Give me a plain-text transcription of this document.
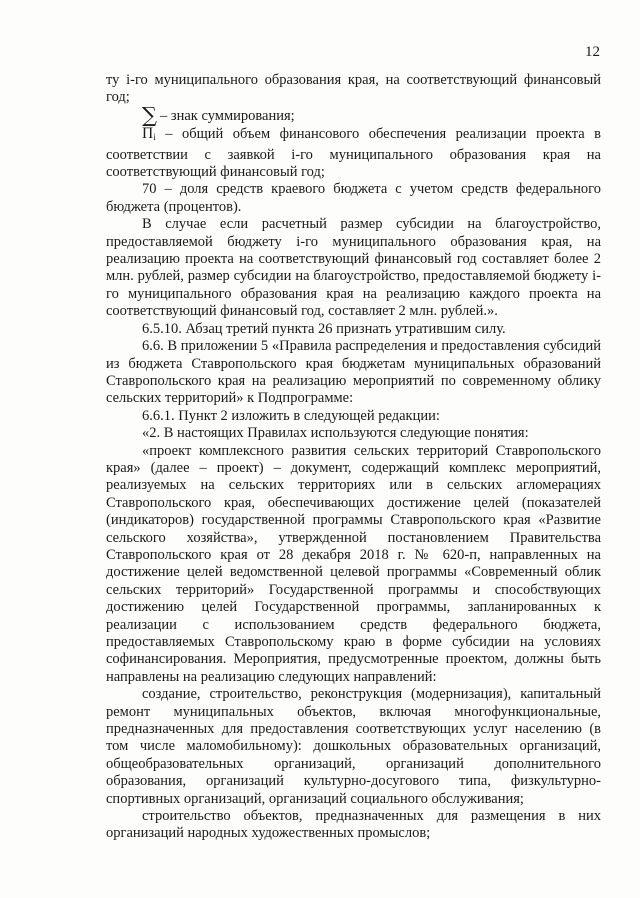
12

ту i-го муниципального образования края, на соответствующий финансовый год;

∑ – знак суммирования;

$П_i$ – общий объем финансового обеспечения реализации проекта в соответствии с заявкой i-го муниципального образования края на соответствующий финансовый год;

70 – доля средств краевого бюджета с учетом средств федерального бюджета (процентов).

В случае если расчетный размер субсидии на благоустройство, предоставляемой бюджету i-го муниципального образования края, на реализацию проекта на соответствующий финансовый год составляет более 2 млн. рублей, размер субсидии на благоустройство, предоставляемой бюджету i-го муниципального образования края на реализацию каждого проекта на соответствующий финансовый год, составляет 2 млн. рублей.».

6.5.10. Абзац третий пункта 26 признать утратившим силу.

6.6. В приложении 5 «Правила распределения и предоставления субсидий из бюджета Ставропольского края бюджетам муниципальных образований Ставропольского края на реализацию мероприятий по современному облику сельских территорий» к Подпрограмме:

6.6.1. Пункт 2 изложить в следующей редакции:

«2. В настоящих Правилах используются следующие понятия:

«проект комплексного развития сельских территорий Ставропольского края» (далее – проект) – документ, содержащий комплекс мероприятий, реализуемых на сельских территориях или в сельских агломерациях Ставропольского края, обеспечивающих достижение целей (показателей (индикаторов) государственной программы Ставропольского края «Развитие сельского хозяйства», утвержденной постановлением Правительства Ставропольского края от 28 декабря 2018 г. № 620-п, направленных на достижение целей ведомственной целевой программы «Современный облик сельских территорий» Государственной программы и способствующих достижению целей Государственной программы, запланированных к реализации с использованием средств федерального бюджета, предоставляемых Ставропольскому краю в форме субсидии на условиях софинансирования. Мероприятия, предусмотренные проектом, должны быть направлены на реализацию следующих направлений:

создание, строительство, реконструкция (модернизация), капитальный ремонт муниципальных объектов, включая многофункциональные, предназначенных для предоставления соответствующих услуг населению (в том числе маломобильному): дошкольных образовательных организаций, общеобразовательных организаций, организаций дополнительного образования, организаций культурно-досугового типа, физкультурно-спортивных организаций, организаций социального обслуживания;

строительство объектов, предназначенных для размещения в них организаций народных художественных промыслов;
